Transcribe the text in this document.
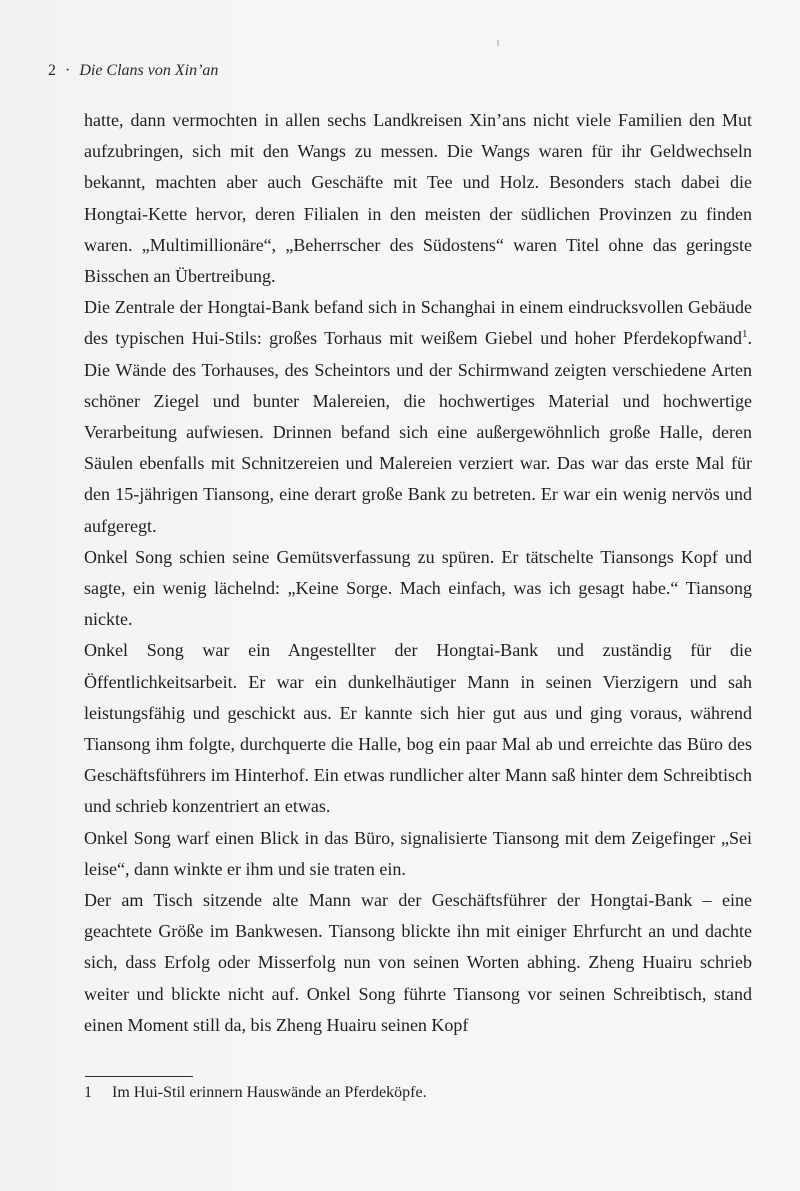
2 · Die Clans von Xin’an

hatte, dann vermochten in allen sechs Landkreisen Xin’ans nicht viele Familien den Mut aufzubringen, sich mit den Wangs zu messen. Die Wangs waren für ihr Geldwechseln bekannt, machten aber auch Geschäfte mit Tee und Holz. Besonders stach dabei die Hongtai-Kette hervor, deren Filialen in den meisten der südlichen Provinzen zu finden waren. „Multimillionäre“, „Beherrscher des Südostens“ waren Titel ohne das geringste Bisschen an Übertreibung.

Die Zentrale der Hongtai-Bank befand sich in Schanghai in einem eindrucksvollen Gebäude des typischen Hui-Stils: großes Torhaus mit weißem Giebel und hoher Pferdekopfwand$^1$. Die Wände des Torhauses, des Scheintors und der Schirmwand zeigten verschiedene Arten schöner Ziegel und bunter Malereien, die hochwertiges Material und hochwertige Verarbeitung aufwiesen. Drinnen befand sich eine außergewöhnlich große Halle, deren Säulen ebenfalls mit Schnitzereien und Malereien verziert war. Das war das erste Mal für den 15-jährigen Tiansong, eine derart große Bank zu betreten. Er war ein wenig nervös und aufgeregt.

Onkel Song schien seine Gemütsverfassung zu spüren. Er tätschelte Tiansongs Kopf und sagte, ein wenig lächelnd: „Keine Sorge. Mach einfach, was ich gesagt habe.“ Tiansong nickte.

Onkel Song war ein Angestellter der Hongtai-Bank und zuständig für die Öffentlichkeitsarbeit. Er war ein dunkelhäutiger Mann in seinen Vierzigern und sah leistungsfähig und geschickt aus. Er kannte sich hier gut aus und ging voraus, während Tiansong ihm folgte, durchquerte die Halle, bog ein paar Mal ab und erreichte das Büro des Geschäftsführers im Hinterhof. Ein etwas rundlicher alter Mann saß hinter dem Schreibtisch und schrieb konzentriert an etwas.

Onkel Song warf einen Blick in das Büro, signalisierte Tiansong mit dem Zeigefinger „Sei leise“, dann winkte er ihm und sie traten ein.

Der am Tisch sitzende alte Mann war der Geschäftsführer der Hongtai-Bank – eine geachtete Größe im Bankwesen. Tiansong blickte ihn mit einiger Ehrfurcht an und dachte sich, dass Erfolg oder Misserfolg nun von seinen Worten abhing. Zheng Huairu schrieb weiter und blickte nicht auf. Onkel Song führte Tiansong vor seinen Schreibtisch, stand einen Moment still da, bis Zheng Huairu seinen Kopf

1 Im Hui-Stil erinnern Hauswände an Pferdeköpfe.
